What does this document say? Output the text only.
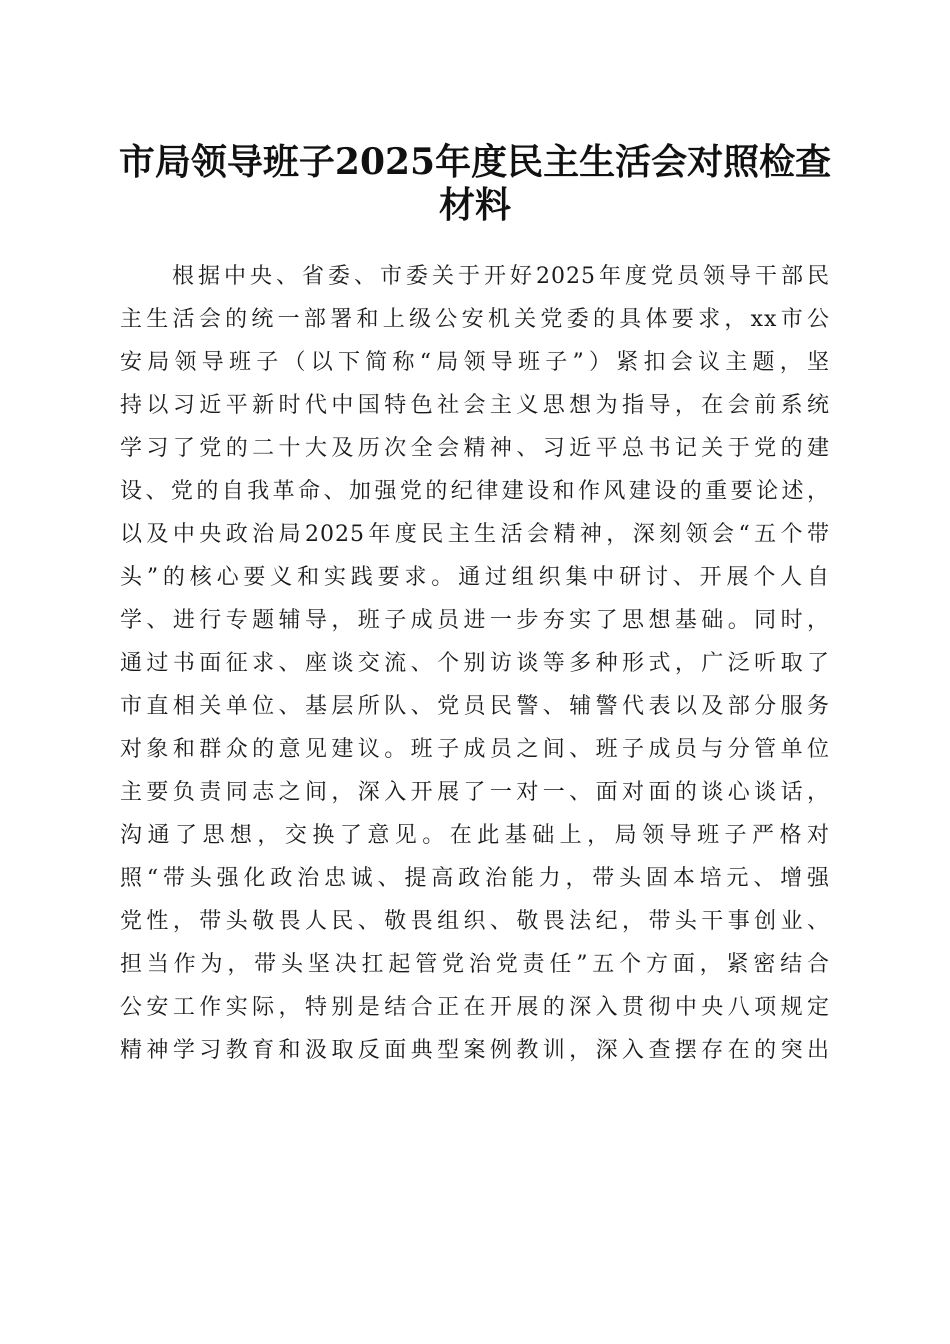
市局领导班子2025年度民主生活会对照检查
材料
根据中央、省委、市委关于开好2025年度党员领导干部民
主生活会的统一部署和上级公安机关党委的具体要求，xx市公
安局领导班子（以下简称“局领导班子”）紧扣会议主题，坚
持以习近平新时代中国特色社会主义思想为指导，在会前系统
学习了党的二十大及历次全会精神、习近平总书记关于党的建
设、党的自我革命、加强党的纪律建设和作风建设的重要论述，
以及中央政治局2025年度民主生活会精神，深刻领会“五个带
头”的核心要义和实践要求。通过组织集中研讨、开展个人自
学、进行专题辅导，班子成员进一步夯实了思想基础。同时，
通过书面征求、座谈交流、个别访谈等多种形式，广泛听取了
市直相关单位、基层所队、党员民警、辅警代表以及部分服务
对象和群众的意见建议。班子成员之间、班子成员与分管单位
主要负责同志之间，深入开展了一对一、面对面的谈心谈话，
沟通了思想，交换了意见。在此基础上，局领导班子严格对
照“带头强化政治忠诚、提高政治能力，带头固本培元、增强
党性，带头敬畏人民、敬畏组织、敬畏法纪，带头干事创业、
担当作为，带头坚决扛起管党治党责任”五个方面，紧密结合
公安工作实际，特别是结合正在开展的深入贯彻中央八项规定
精神学习教育和汲取反面典型案例教训，深入查摆存在的突出
